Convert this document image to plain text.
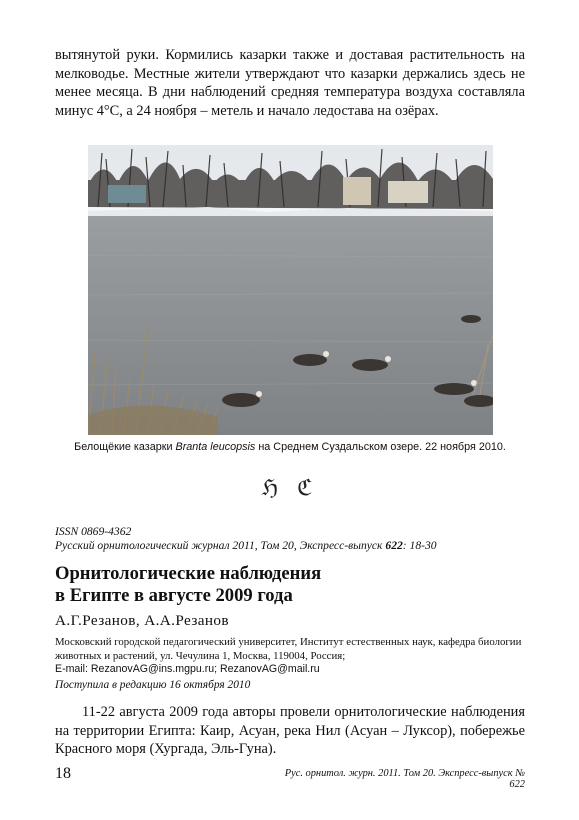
вытянутой руки. Кормились казарки также и доставая растительность на мелководье. Местные жители утверждают что казарки держались здесь не менее месяца. В дни наблюдений средняя температура воздуха составляла минус 4°С, а 24 ноября – метель и начало ледостава на озёрах.

Белощёкие казарки Branta leucopsis на Среднем Суздальском озере. 22 ноября 2010.
ℌ ℭ
ISSN 0869-4362
Русский орнитологический журнал 2011, Том 20, Экспресс-выпуск 622: 18-30
Орнитологические наблюдения
в Египте в августе 2009 года
А.Г.Резанов, А.А.Резанов
Московский городской педагогический университет, Институт естественных наук, кафедра биологии животных и растений, ул. Чечулина 1, Москва, 119004, Россия;
E-mail: RezanovAG@ins.mgpu.ru; RezanovAG@mail.ru
Поступила в редакцию 16 октября 2010

11-22 августа 2009 года авторы провели орнитологические наблюдения на территории Египта: Каир, Асуан, река Нил (Асуан – Луксор), побережье Красного моря (Хургада, Эль-Гуна).

18	Рус. орнитол. журн. 2011. Том 20. Экспресс-выпуск № 622
